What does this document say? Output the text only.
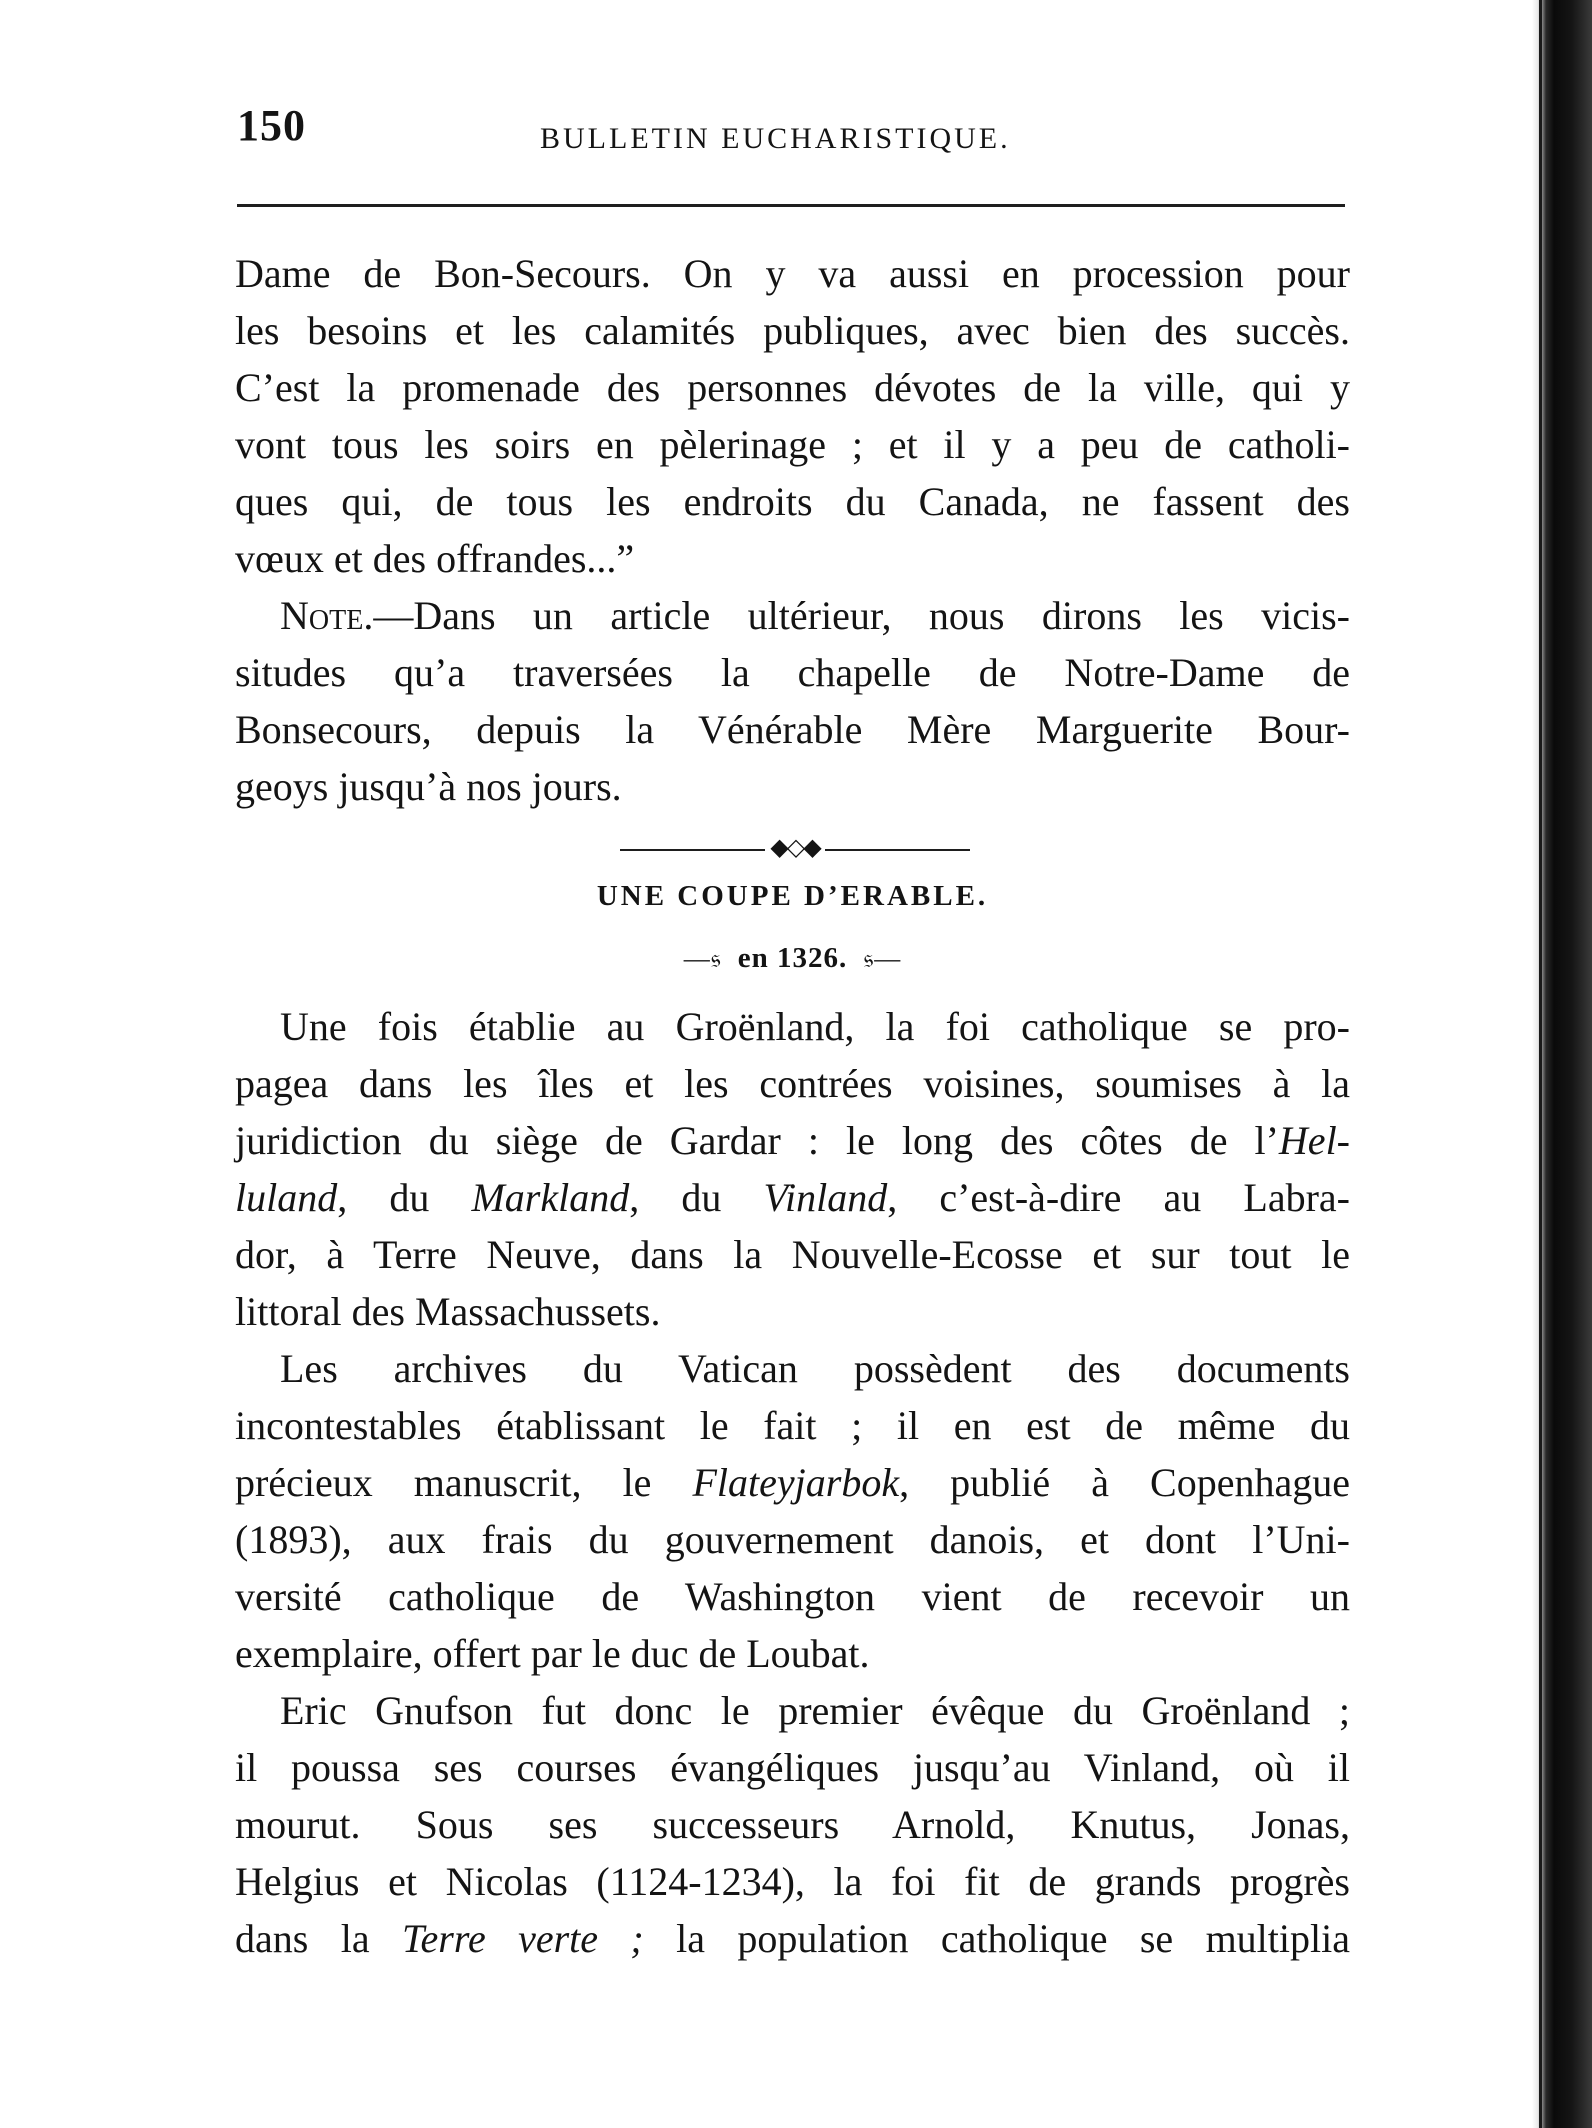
150	BULLETIN EUCHARISTIQUE.
Dame de Bon-Secours. On y va aussi en procession pour
les besoins et les calamités publiques, avec bien des succès.
C’est la promenade des personnes dévotes de la ville, qui y
vont tous les soirs en pèlerinage ; et il y a peu de catholi-
ques qui, de tous les endroits du Canada, ne fassent des
vœux et des offrandes...”
Note.—Dans un article ultérieur, nous dirons les vicis-
situdes qu’a traversées la chapelle de Notre-Dame de
Bonsecours, depuis la Vénérable Mère Marguerite Bour-
geoys jusqu’à nos jours.
◆◇◆
UNE COUPE D’ERABLE.
—𝔰 en 1326. 𝔰—
Une fois établie au Groënland, la foi catholique se pro-
pagea dans les îles et les contrées voisines, soumises à la
juridiction du siège de Gardar : le long des côtes de l’Hel-
luland, du Markland, du Vinland, c’est-à-dire au Labra-
dor, à Terre Neuve, dans la Nouvelle-Ecosse et sur tout le
littoral des Massachussets.
Les archives du Vatican possèdent des documents
incontestables établissant le fait ; il en est de même du
précieux manuscrit, le Flateyjarbok, publié à Copenhague
(1893), aux frais du gouvernement danois, et dont l’Uni-
versité catholique de Washington vient de recevoir un
exemplaire, offert par le duc de Loubat.
Eric Gnufson fut donc le premier évêque du Groënland ;
il poussa ses courses évangéliques jusqu’au Vinland, où il
mourut. Sous ses successeurs Arnold, Knutus, Jonas,
Helgius et Nicolas (1124-1234), la foi fit de grands progrès
dans la Terre verte ; la population catholique se multiplia
